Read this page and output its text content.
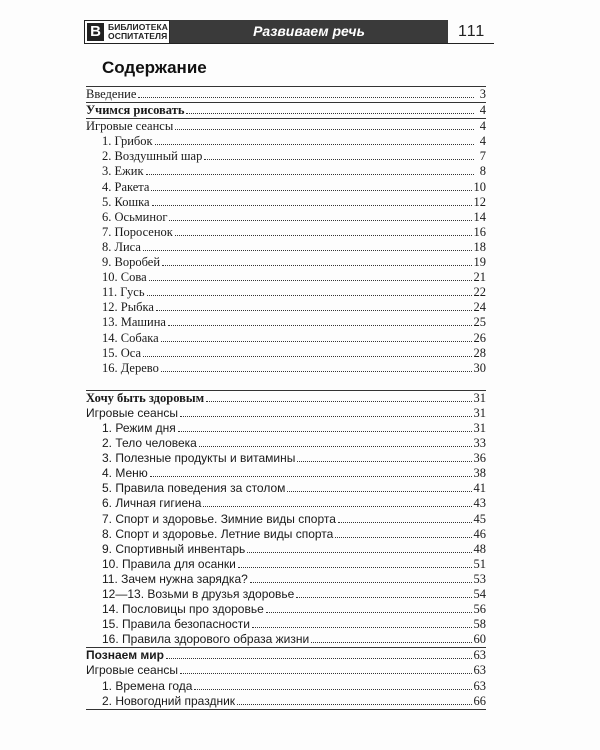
В БИБЛИОТЕКА
ОСПИТАТЕЛЯ	Развиваем речь	111
Содержание
Введение	3
Учимся рисовать	4
Игровые сеансы	4
1. Грибок	4
2. Воздушный шар	7
3. Ежик	8
4. Ракета	10
5. Кошка	12
6. Осьминог	14
7. Поросенок	16
8. Лиса	18
9. Воробей	19
10. Сова	21
11. Гусь	22
12. Рыбка	24
13. Машина	25
14. Собака	26
15. Оса	28
16. Дерево	30
Хочу быть здоровым	31
Игровые сеансы	31
1. Режим дня	31
2. Тело человека	33
3. Полезные продукты и витамины	36
4. Меню	38
5. Правила поведения за столом	41
6. Личная гигиена	43
7. Спорт и здоровье. Зимние виды спорта	45
8. Спорт и здоровье. Летние виды спорта	46
9. Спортивный инвентарь	48
10. Правила для осанки	51
11. Зачем нужна зарядка?	53
12—13. Возьми в друзья здоровье	54
14. Пословицы про здоровье	56
15. Правила безопасности	58
16. Правила здорового образа жизни	60
Познаем мир	63
Игровые сеансы	63
1. Времена года	63
2. Новогодний праздник	66
